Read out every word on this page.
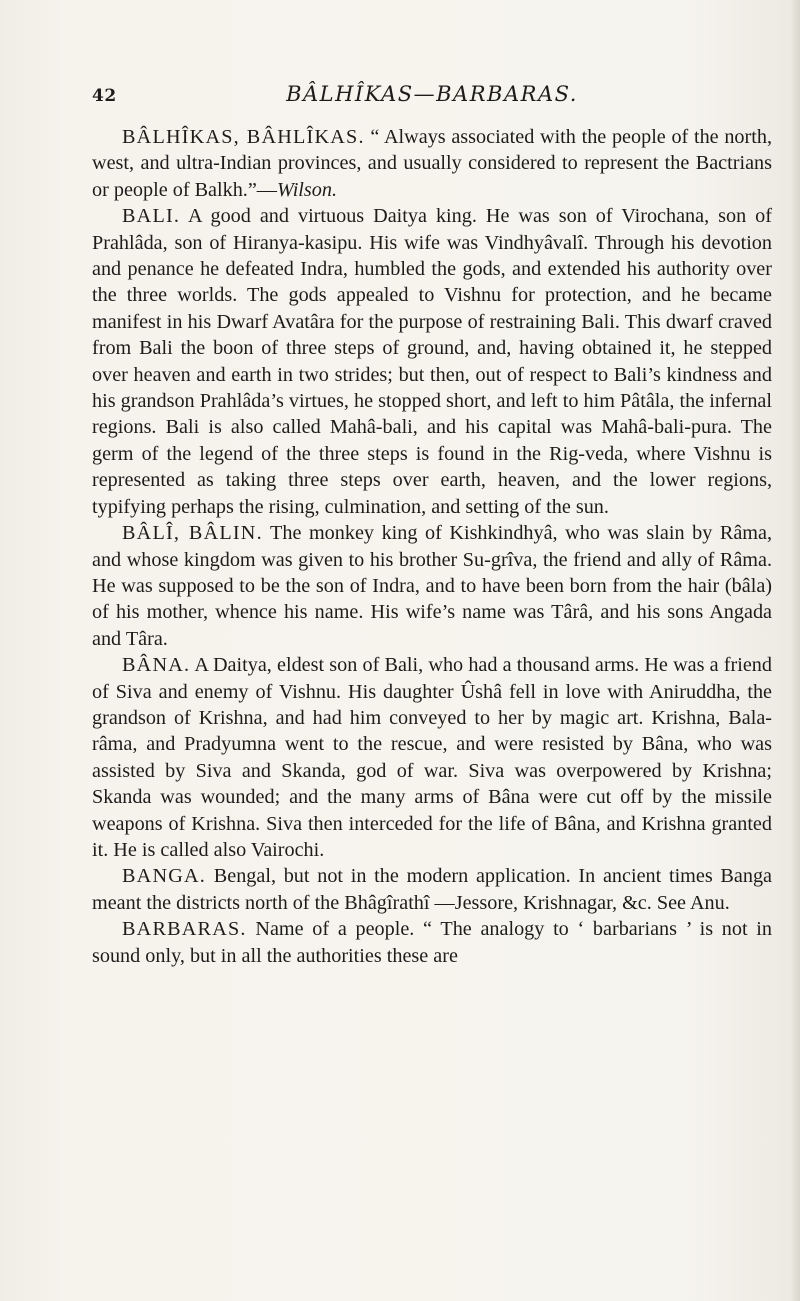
42	BÂLHÎKAS—BARBARAS.

BÂLHÎKAS, BÂHLÎKAS. “ Always associated with the people of the north, west, and ultra-Indian provinces, and usually considered to represent the Bactrians or people of Balkh.”—Wilson.

BALI. A good and virtuous Daitya king. He was son of Virochana, son of Prahlâda, son of Hiranya-kasipu. His wife was Vindhyâvalî. Through his devotion and penance he defeated Indra, humbled the gods, and extended his authority over the three worlds. The gods appealed to Vishnu for protection, and he became manifest in his Dwarf Avatâra for the purpose of restraining Bali. This dwarf craved from Bali the boon of three steps of ground, and, having obtained it, he stepped over heaven and earth in two strides; but then, out of respect to Bali’s kindness and his grandson Prahlâda’s virtues, he stopped short, and left to him Pâtâla, the infernal regions. Bali is also called Mahâ-bali, and his capital was Mahâ-bali-pura. The germ of the legend of the three steps is found in the Rig-veda, where Vishnu is represented as taking three steps over earth, heaven, and the lower regions, typifying perhaps the rising, culmination, and setting of the sun.

BÂLÎ, BÂLIN. The monkey king of Kishkindhyâ, who was slain by Râma, and whose kingdom was given to his brother Su-grîva, the friend and ally of Râma. He was supposed to be the son of Indra, and to have been born from the hair (bâla) of his mother, whence his name. His wife’s name was Târâ, and his sons Angada and Târa.

BÂNA. A Daitya, eldest son of Bali, who had a thousand arms. He was a friend of Siva and enemy of Vishnu. His daughter Ûshâ fell in love with Aniruddha, the grandson of Krishna, and had him conveyed to her by magic art. Krishna, Bala-râma, and Pradyumna went to the rescue, and were resisted by Bâna, who was assisted by Siva and Skanda, god of war. Siva was overpowered by Krishna; Skanda was wounded; and the many arms of Bâna were cut off by the missile weapons of Krishna. Siva then interceded for the life of Bâna, and Krishna granted it. He is called also Vairochi.

BANGA. Bengal, but not in the modern application. In ancient times Banga meant the districts north of the Bhâgîrathî —Jessore, Krishnagar, &c. See Anu.

BARBARAS. Name of a people. “ The analogy to ‘ barbarians ’ is not in sound only, but in all the authorities these are
